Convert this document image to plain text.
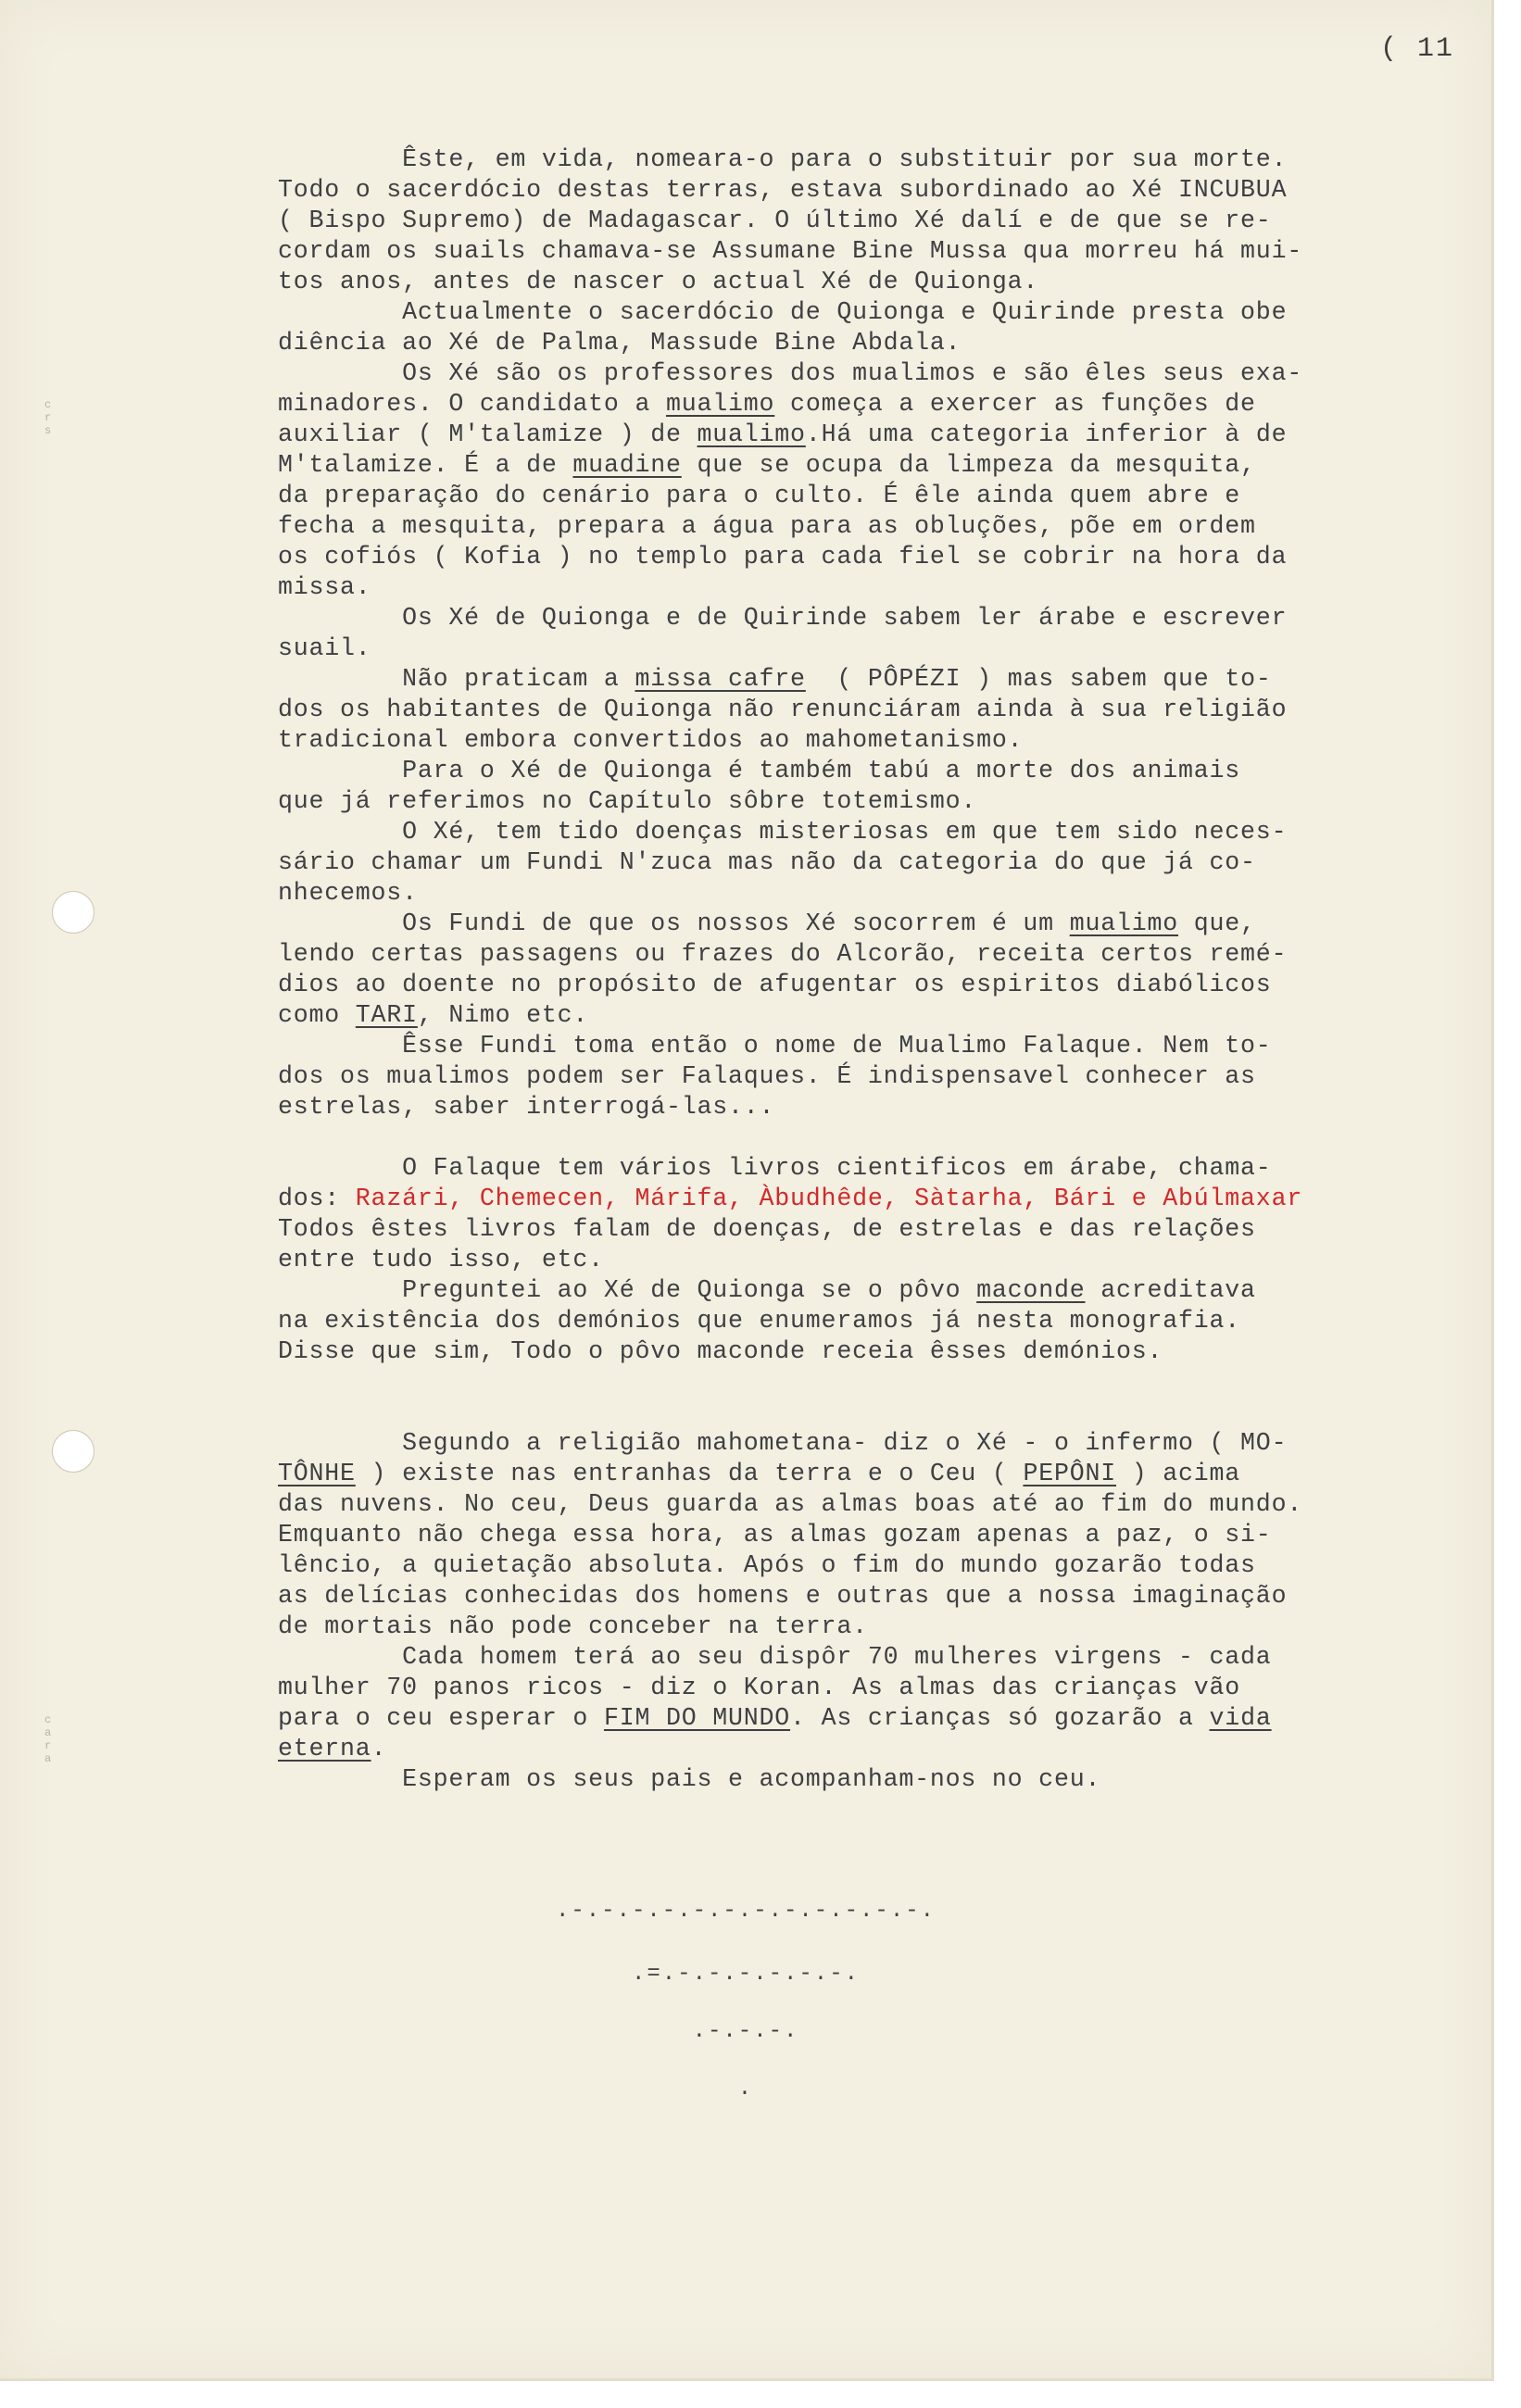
( 11
c r s
c a r a

Êste, em vida, nomeara-o para o substituir por sua morte.

Todo o sacerdócio destas terras, estava subordinado ao Xé INCUBUA

( Bispo Supremo) de Madagascar. O último Xé dalí e de que se re-

cordam os suails chamava-se Assumane Bine Mussa qua morreu há mui-

tos anos, antes de nascer o actual Xé de Quionga.

Actualmente o sacerdócio de Quionga e Quirinde presta obe

diência ao Xé de Palma, Massude Bine Abdala.

Os Xé são os professores dos mualimos e são êles seus exa-

minadores. O candidato a mualimo começa a exercer as funções de

auxiliar ( M'talamize ) de mualimo.Há uma categoria inferior à de

M'talamize. É a de muadine que se ocupa da limpeza da mesquita,

da preparação do cenário para o culto. É êle ainda quem abre e

fecha a mesquita, prepara a água para as obluções, põe em ordem

os cofiós ( Kofia ) no templo para cada fiel se cobrir na hora da

missa.

Os Xé de Quionga e de Quirinde sabem ler árabe e escrever

suail.

Não praticam a missa cafre  ( PÔPÉZI ) mas sabem que to-

dos os habitantes de Quionga não renunciáram ainda à sua religião

tradicional embora convertidos ao mahometanismo.

Para o Xé de Quionga é também tabú a morte dos animais

que já referimos no Capítulo sôbre totemismo.

O Xé, tem tido doenças misteriosas em que tem sido neces-

sário chamar um Fundi N'zuca mas não da categoria do que já co-

nhecemos.

Os Fundi de que os nossos Xé socorrem é um mualimo que,

lendo certas passagens ou frazes do Alcorão, receita certos remé-

dios ao doente no propósito de afugentar os espiritos diabólicos

como TARI, Nimo etc.

Êsse Fundi toma então o nome de Mualimo Falaque. Nem to-

dos os mualimos podem ser Falaques. É indispensavel conhecer as

estrelas, saber interrogá-las...

O Falaque tem vários livros cientificos em árabe, chama-

dos: Razári, Chemecen, Márifa, Àbudhêde, Sàtarha, Bári e Abúlmaxar

Todos êstes livros falam de doenças, de estrelas e das relações

entre tudo isso, etc.

Preguntei ao Xé de Quionga se o pôvo maconde acreditava

na existência dos demónios que enumeramos já nesta monografia.

Disse que sim, Todo o pôvo maconde receia êsses demónios.

Segundo a religião mahometana- diz o Xé - o infermo ( MO-

TÔNHE ) existe nas entranhas da terra e o Ceu ( PEPÔNI ) acima

das nuvens. No ceu, Deus guarda as almas boas até ao fim do mundo.

Emquanto não chega essa hora, as almas gozam apenas a paz, o si-

lêncio, a quietação absoluta. Após o fim do mundo gozarão todas

as delícias conhecidas dos homens e outras que a nossa imaginação

de mortais não pode conceber na terra.

Cada homem terá ao seu dispôr 70 mulheres virgens - cada

mulher 70 panos ricos - diz o Koran. As almas das crianças vão

para o ceu esperar o FIM DO MUNDO. As crianças só gozarão a vida

eterna.

Esperam os seus pais e acompanham-nos no ceu.

.-.-.-.-.-.-.-.-.-.-.-.-.
.=.-.-.-.-.-.-.
.-.-.-.
.
